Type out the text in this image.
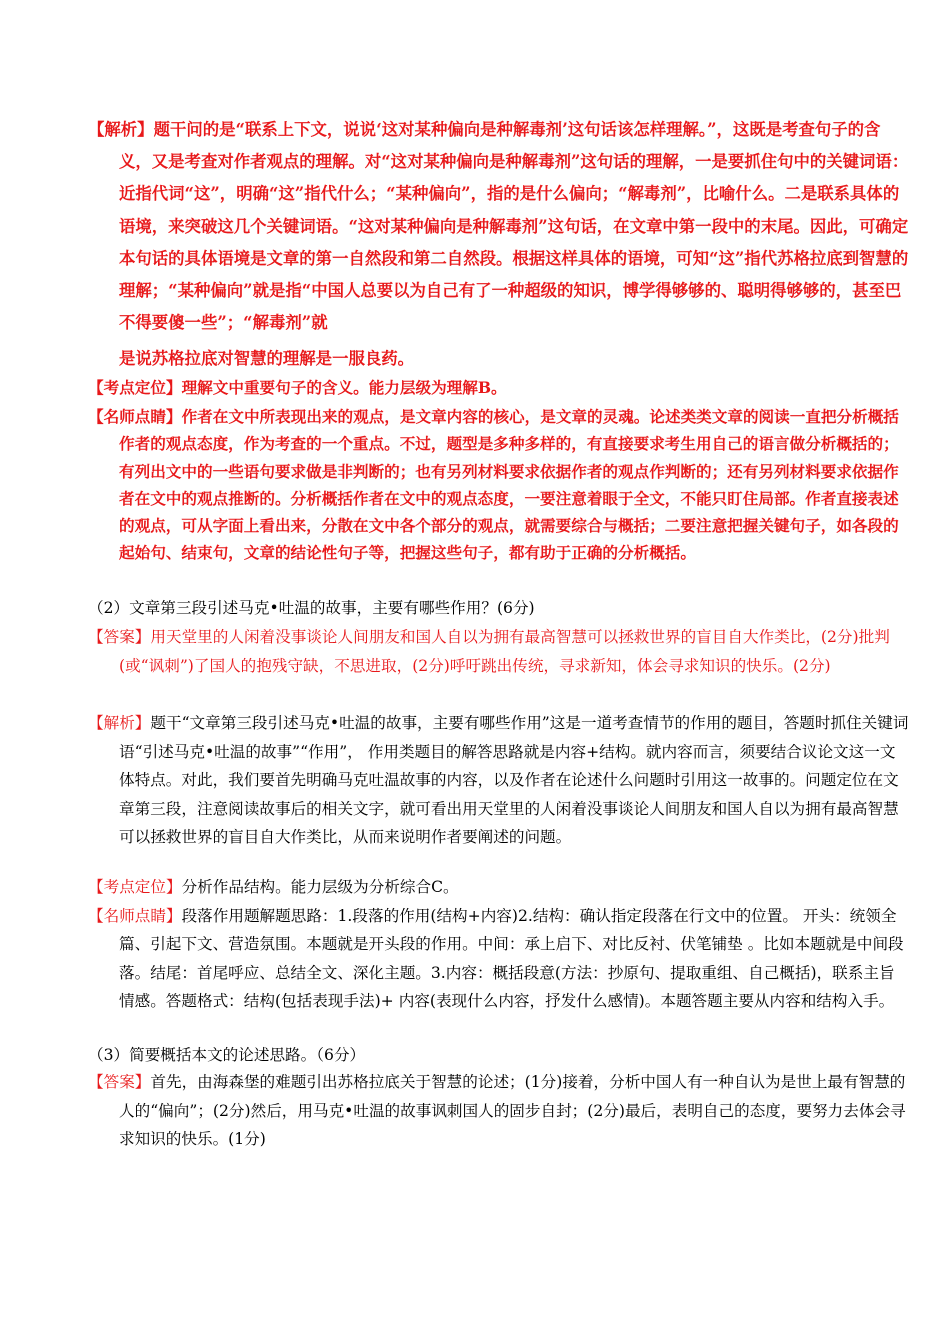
【解析】题干问的是“联系上下文，说说‘这对某种偏向是种解毒剂’这句话该怎样理解。”，这既是考查句子的含义，又是考查对作者观点的理解。对“这对某种偏向是种解毒剂”这句话的理解，一是要抓住句中的关键词语：近指代词“这”，明确“这”指代什么；“某种偏向”，指的是什么偏向；“解毒剂”，比喻什么。二是联系具体的语境，来突破这几个关键词语。“这对某种偏向是种解毒剂”这句话，在文章中第一段中的末尾。因此，可确定本句话的具体语境是文章的第一自然段和第二自然段。根据这样具体的语境，可知“这”指代苏格拉底到智慧的理解；“某种偏向”就是指“中国人总要以为自己有了一种超级的知识，博学得够够的、聪明得够够的，甚至巴不得要傻一些”；“解毒剂”就

是说苏格拉底对智慧的理解是一服良药。

【考点定位】理解文中重要句子的含义。能力层级为理解B。

【名师点睛】作者在文中所表现出来的观点，是文章内容的核心，是文章的灵魂。论述类类文章的阅读一直把分析概括作者的观点态度，作为考查的一个重点。不过，题型是多种多样的，有直接要求考生用自己的语言做分析概括的；有列出文中的一些语句要求做是非判断的；也有另列材料要求依据作者的观点作判断的；还有另列材料要求依据作者在文中的观点推断的。分析概括作者在文中的观点态度，一要注意着眼于全文，不能只盯住局部。作者直接表述的观点，可从字面上看出来，分散在文中各个部分的观点，就需要综合与概括；二要注意把握关键句子，如各段的起始句、结束句，文章的结论性句子等，把握这些句子，都有助于正确的分析概括。

（2）文章第三段引述马克•吐温的故事，主要有哪些作用？(6分)

【答案】用天堂里的人闲着没事谈论人间朋友和国人自以为拥有最高智慧可以拯救世界的盲目自大作类比，(2分)批判(或“讽刺”)了国人的抱残守缺，不思进取，(2分)呼吁跳出传统，寻求新知，体会寻求知识的快乐。(2分)

【解析】题干“文章第三段引述马克•吐温的故事，主要有哪些作用”这是一道考查情节的作用的题目，答题时抓住关键词语“引述马克•吐温的故事”“作用”， 作用类题目的解答思路就是内容+结构。就内容而言，须要结合议论文这一文体特点。对此，我们要首先明确马克吐温故事的内容，以及作者在论述什么问题时引用这一故事的。问题定位在文章第三段，注意阅读故事后的相关文字，就可看出用天堂里的人闲着没事谈论人间朋友和国人自以为拥有最高智慧可以拯救世界的盲目自大作类比，从而来说明作者要阐述的问题。

【考点定位】分析作品结构。能力层级为分析综合C。

【名师点睛】段落作用题解题思路：1.段落的作用(结构+内容)2.结构：确认指定段落在行文中的位置。 开头：统领全篇、引起下文、营造氛围。本题就是开头段的作用。中间：承上启下、对比反衬、伏笔铺垫 。比如本题就是中间段落。结尾：首尾呼应、总结全文、深化主题。3.内容：概括段意(方法：抄原句、提取重组、自己概括)，联系主旨情感。答题格式：结构(包括表现手法)+ 内容(表现什么内容，抒发什么感情)。本题答题主要从内容和结构入手。

（3）简要概括本文的论述思路。（6分）

【答案】首先，由海森堡的难题引出苏格拉底关于智慧的论述；(1分)接着，分析中国人有一种自认为是世上最有智慧的人的“偏向”；(2分)然后，用马克•吐温的故事讽刺国人的固步自封；(2分)最后，表明自己的态度，要努力去体会寻求知识的快乐。(1分)
